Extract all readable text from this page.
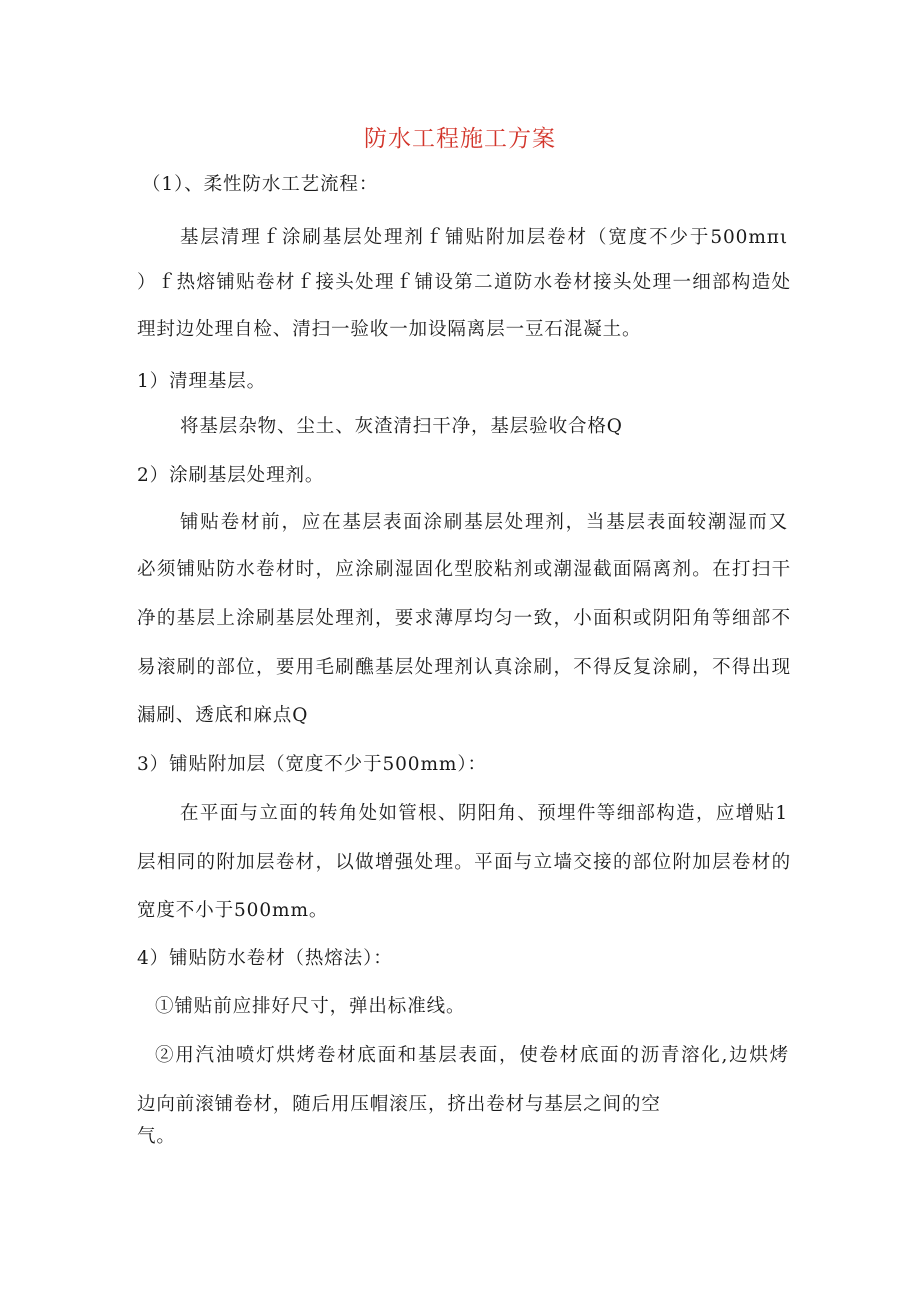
防水工程施工方案
（1）、柔性防水工艺流程：
基层清理ｆ涂刷基层处理剂ｆ铺贴附加层卷材（宽度不少于500mπι
）ｆ热熔铺贴卷材ｆ接头处理ｆ铺设第二道防水卷材接头处理一细部构造处
理封边处理自检、清扫一验收一加设隔离层一豆石混凝土。
1）清理基层。
将基层杂物、尘土、灰渣清扫干净，基层验收合格Q
2）涂刷基层处理剂。
铺贴卷材前，应在基层表面涂刷基层处理剂，当基层表面较潮湿而又
必须铺贴防水卷材时，应涂刷湿固化型胶粘剂或潮湿截面隔离剂。在打扫干
净的基层上涂刷基层处理剂，要求薄厚均匀一致，小面积或阴阳角等细部不
易滚刷的部位，要用毛刷醮基层处理剂认真涂刷，不得反复涂刷，不得出现
漏刷、透底和麻点Q
3）铺贴附加层（宽度不少于500mm）：
在平面与立面的转角处如管根、阴阳角、预埋件等细部构造，应增贴1
层相同的附加层卷材，以做增强处理。平面与立墙交接的部位附加层卷材的
宽度不小于500mm。
4）铺贴防水卷材（热熔法）：
①铺贴前应排好尺寸，弹出标准线。
②用汽油喷灯烘烤卷材底面和基层表面，使卷材底面的沥青溶化,边烘烤
边向前滚铺卷材，随后用压帽滚压，挤出卷材与基层之间的空
气。
